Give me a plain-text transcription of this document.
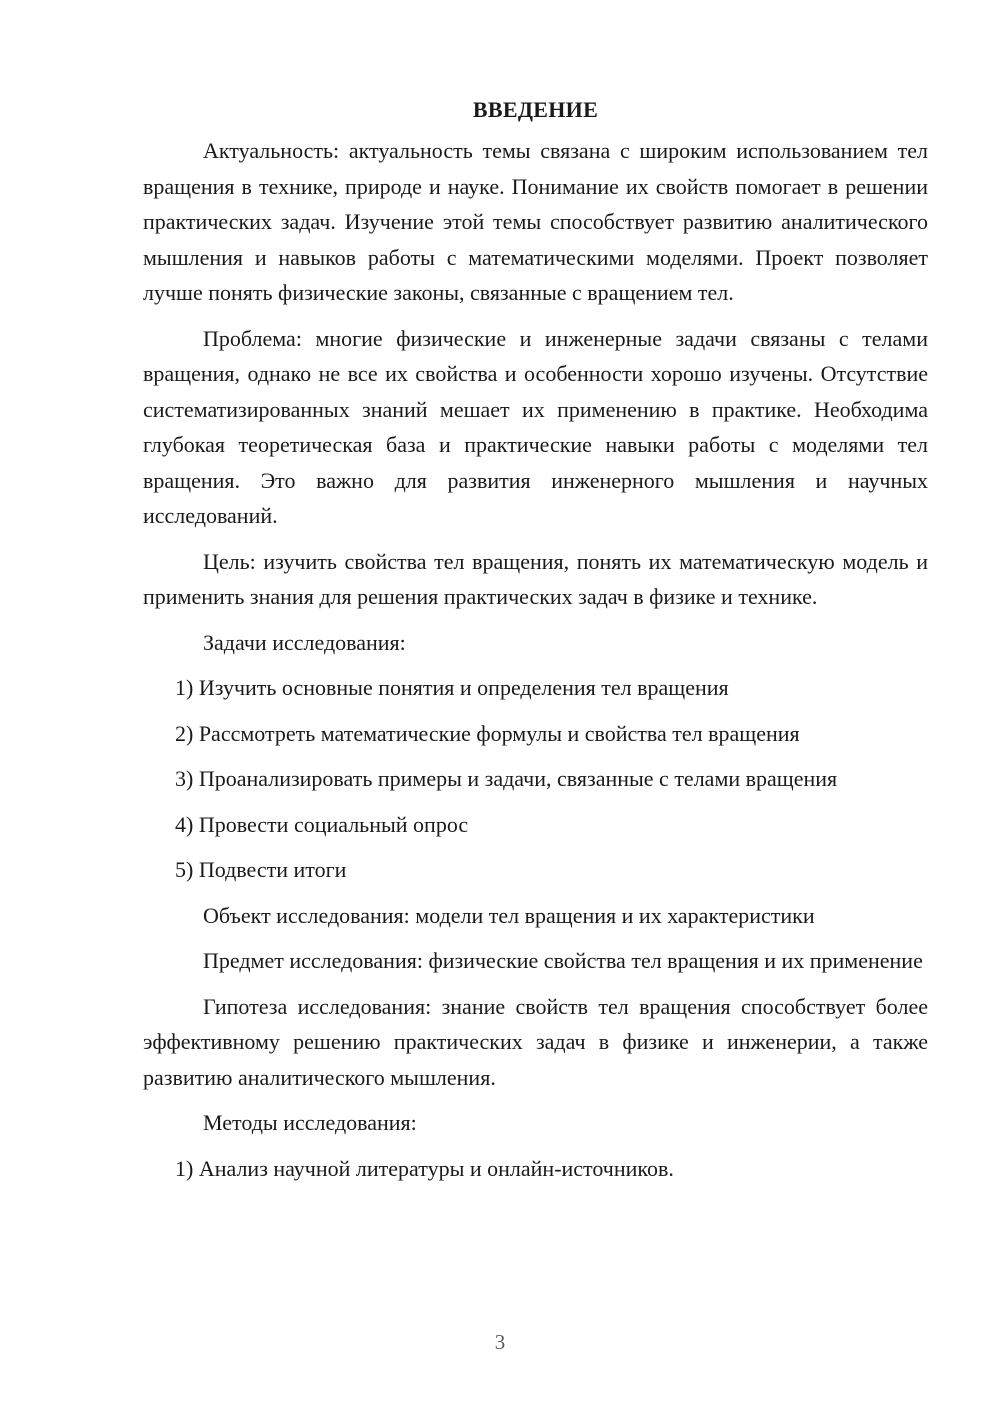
ВВЕДЕНИЕ

Актуальность: актуальность темы связана с широким использованием тел вращения в технике, природе и науке. Понимание их свойств помогает в решении практических задач. Изучение этой темы способствует развитию аналитического мышления и навыков работы с математическими моделями. Проект позволяет лучше понять физические законы, связанные с вращением тел.

Проблема: многие физические и инженерные задачи связаны с телами вращения, однако не все их свойства и особенности хорошо изучены. Отсутствие систематизированных знаний мешает их применению в практике. Необходима глубокая теоретическая база и практические навыки работы с моделями тел вращения. Это важно для развития инженерного мышления и научных исследований.

Цель: изучить свойства тел вращения, понять их математическую модель и применить знания для решения практических задач в физике и технике.

Задачи исследования:
1) Изучить основные понятия и определения тел вращения
2) Рассмотреть математические формулы и свойства тел вращения
3) Проанализировать примеры и задачи, связанные с телами вращения
4) Провести социальный опрос
5) Подвести итоги

Объект исследования: модели тел вращения и их характеристики

Предмет исследования: физические свойства тел вращения и их применение

Гипотеза исследования: знание свойств тел вращения способствует более эффективному решению практических задач в физике и инженерии, а также развитию аналитического мышления.

Методы исследования:
1) Анализ научной литературы и онлайн-источников.
3
